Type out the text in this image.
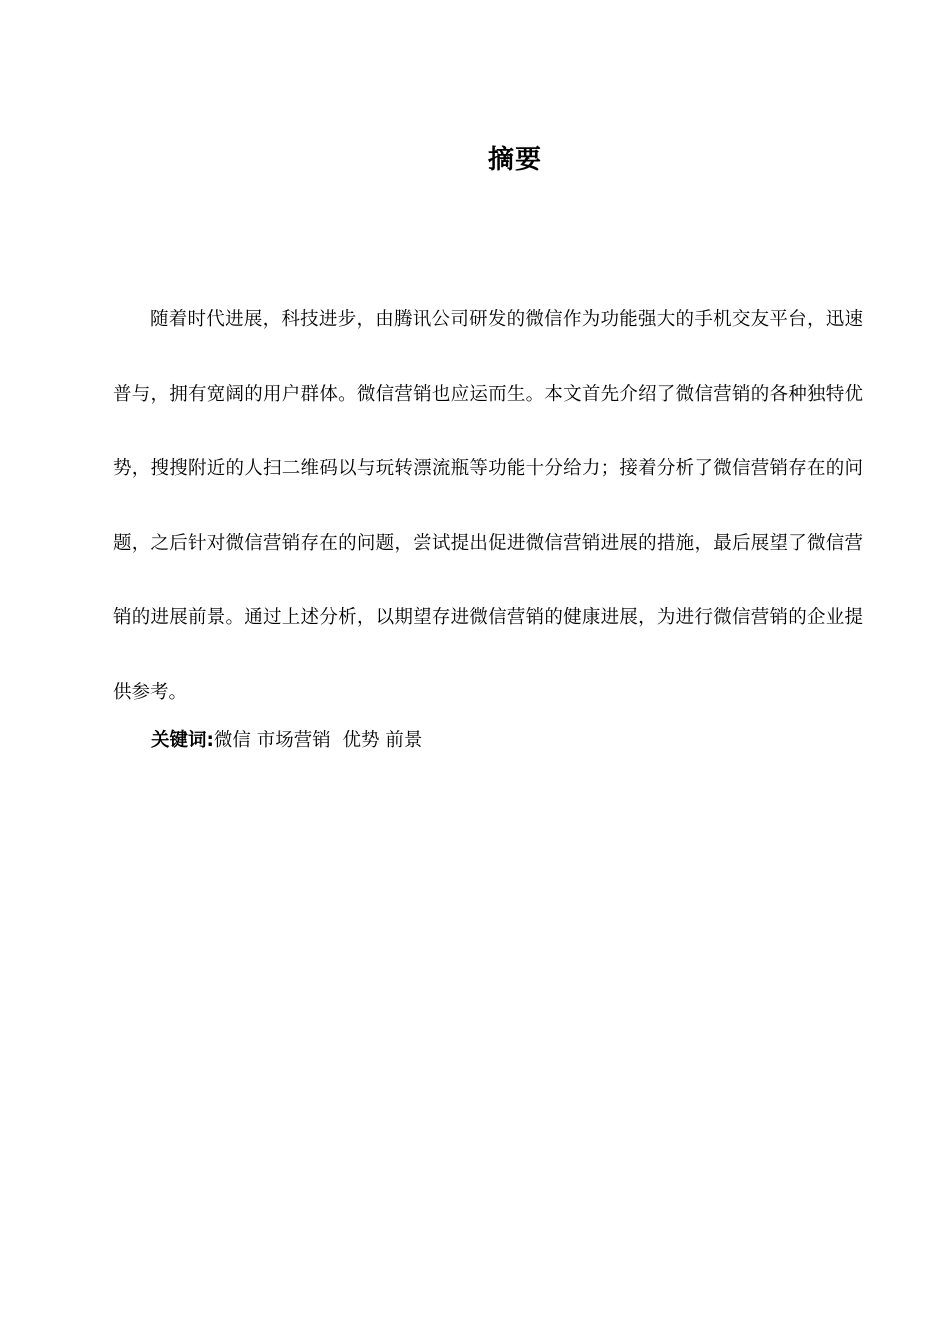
摘要

随着时代进展，科技进步，由腾讯公司研发的微信作为功能强大的手机交友平台，迅速普与，拥有宽阔的用户群体。微信营销也应运而生。本文首先介绍了微信营销的各种独特优势，搜搜附近的人扫二维码以与玩转漂流瓶等功能十分给力；接着分析了微信营销存在的问题，之后针对微信营销存在的问题，尝试提出促进微信营销进展的措施，最后展望了微信营销的进展前景。通过上述分析，以期望存进微信营销的健康进展，为进行微信营销的企业提供参考。

关键词:微信 市场营销  优势 前景
